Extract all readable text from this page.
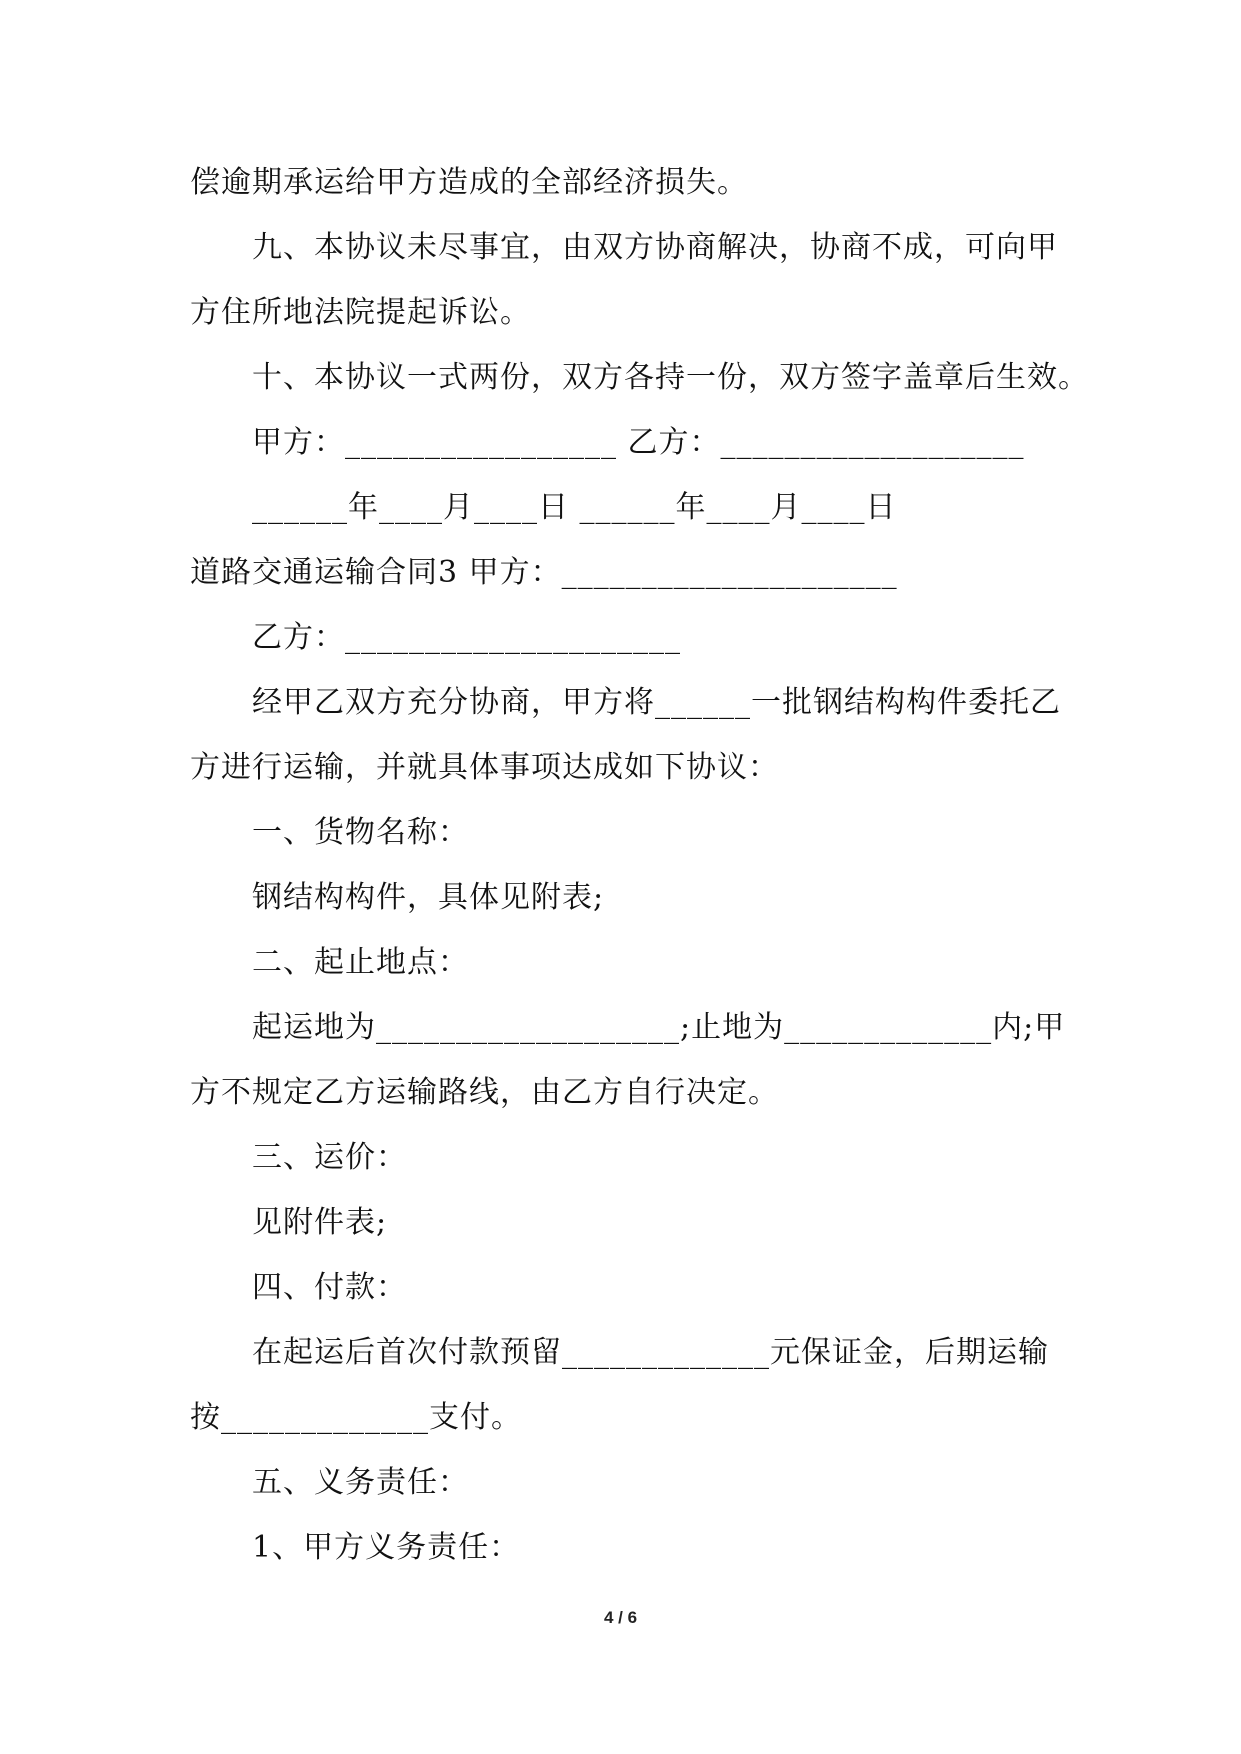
偿逾期承运给甲方造成的全部经济损失。
九、本协议未尽事宜，由双方协商解决，协商不成，可向甲
方住所地法院提起诉讼。
十、本协议一式两份，双方各持一份，双方签字盖章后生效。
甲方：_________________ 乙方：___________________
______年____月____日 ______年____月____日
道路交通运输合同3 甲方：_____________________
乙方：_____________________
经甲乙双方充分协商，甲方将______一批钢结构构件委托乙
方进行运输，并就具体事项达成如下协议：
一、货物名称：
钢结构构件，具体见附表;
二、起止地点：
起运地为___________________;止地为_____________内;甲
方不规定乙方运输路线，由乙方自行决定。
三、运价：
见附件表;
四、付款：
在起运后首次付款预留_____________元保证金，后期运输
按_____________支付。
五、义务责任：
1、甲方义务责任：
4 / 6
